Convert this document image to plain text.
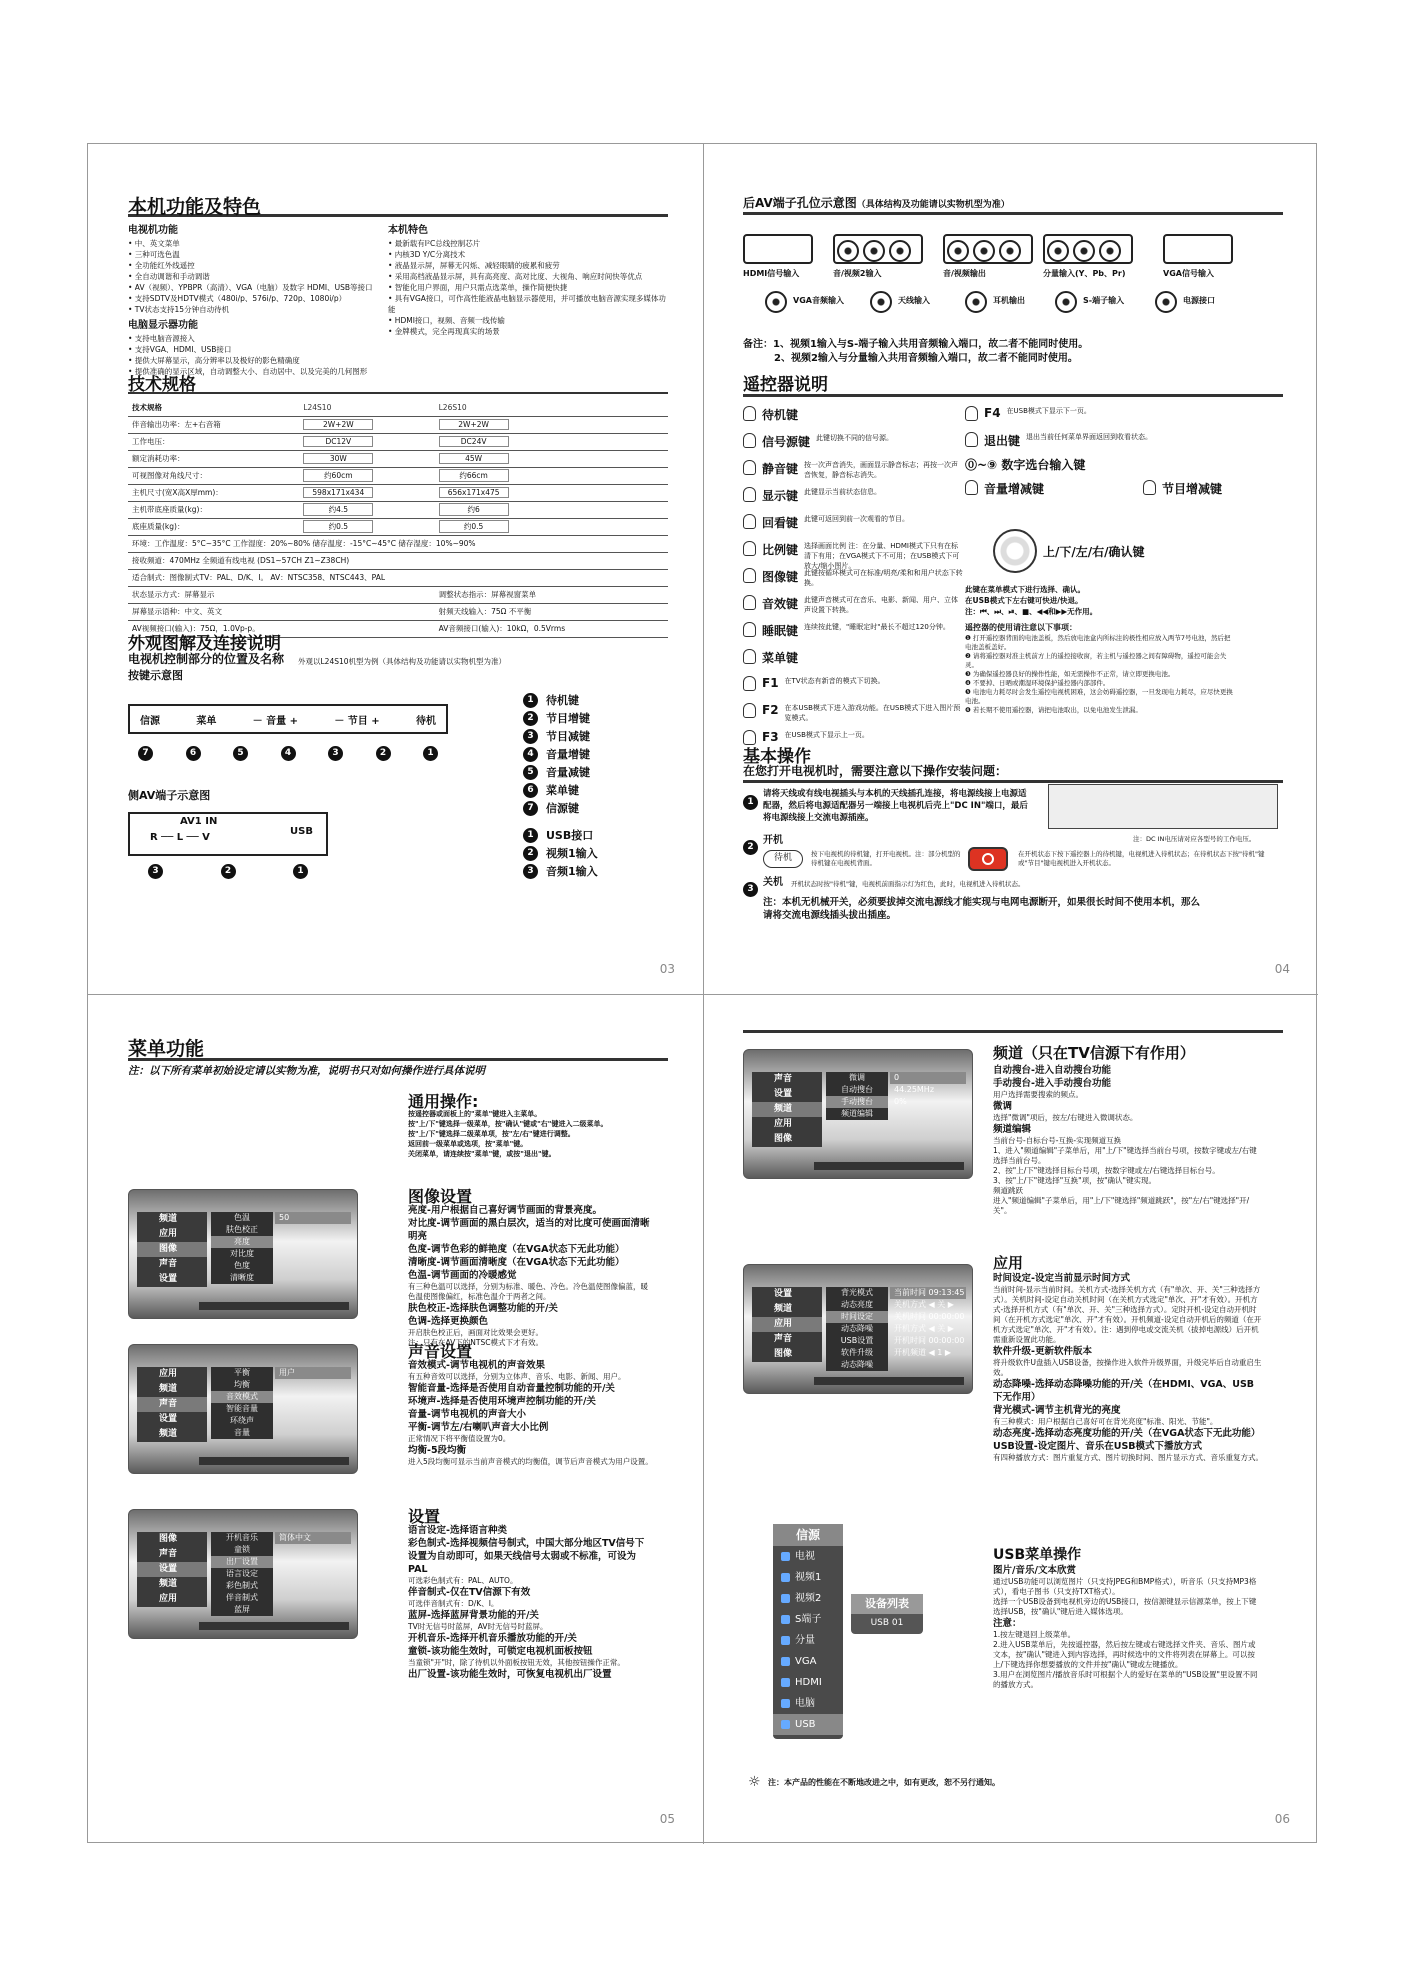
本机功能及特色
电视机功能
• 中、英文菜单
• 三种可选色温
• 全功能红外线遥控
• 全自动调谐和手动调谐
• AV（视频）、YPBPR（高清）、VGA（电脑）及数字 HDMI、USB等接口
• 支持SDTV及HDTV模式（480i/p、576i/p、720p、1080i/p）
• TV状态支持15分钟自动待机
电脑显示器功能
• 支持电脑音源接入
• 支持VGA、HDMI、USB接口
• 提供大屏幕显示，高分辨率以及极好的影色精确度
• 提供准确的显示区域，自动调整大小、自动居中、以及完美的几何图形
本机特色
• 最新载有I²C总线控制芯片
• 内核3D Y/C分离技术
• 液晶显示屏，屏幕无闪烁、减轻眼睛的疲累和疲劳
• 采用高档液晶显示屏，具有高亮度、高对比度、大视角、响应时间快等优点
• 智能化用户界面，用户只需点选菜单，操作简便快捷
• 具有VGA接口，可作高性能液晶电脑显示器使用，并可播放电脑音源实现多媒体功能
• HDMI接口，视频、音频一线传输
• 金牌模式，完全再现真实的场景
技术规格
技术规格	L24S10	L26S10	
伴音输出功率：左+右音箱	2W+2W	2W+2W	
工作电压：	DC12V	DC24V	
额定消耗功率：	30W	45W	
可视图像对角线尺寸：	约60cm	约66cm	
主机尺寸(宽X高X厚mm)：	598x171x434	656x171x475	
主机带底座质量(kg)：	约4.5	约6	
底座质量(kg)：	约0.5	约0.5	
环境：工作温度：5°C~35°C 工作湿度：20%~80% 储存温度：-15°C~45°C 储存湿度：10%~90%			
接收频道：470MHz 全频道有线电视 (DS1~57CH Z1~Z38CH)			
适合制式：图像制式TV：PAL、D/K、I。 AV：NTSC358、NTSC443、PAL			
状态显示方式：屏幕显示		调整状态指示：屏幕视窗菜单	
屏幕显示语种：中文、英文		射频天线输入：75Ω 不平衡	
AV视频接口(输入)：75Ω，1.0Vp-p。		AV音频接口(输入)：10kΩ，0.5Vrms	
外观图解及连接说明
电视机控制部分的位置及名称 外观以L24S10机型为例（具体结构及功能请以实物机型为准）
按键示意图
信源	菜单	－ 音量 +	－ 节目 +	待机
7	6	5	4	3	2	1
1	待机键
2	节目增键
3	节目减键
4	音量增键
5	音量减键
6	菜单键
7	信源键
侧AV端子示意图
AV1 IN
R ── L ── V
USB
3	2	1
1	USB接口
2	视频1输入
3	音频1输入
03
后AV端子孔位示意图（具体结构及功能请以实物机型为准）
HDMI信号输入	音/视频2输入	音/视频输出	分量输入(Y、Pb、Pr)	VGA信号输入
VGA音频输入	天线输入	耳机输出	S-端子输入	电源接口
备注：1、视频1输入与S-端子输入共用音频输入端口，故二者不能同时使用。
2、视频2输入与分量输入共用音频输入端口，故二者不能同时使用。
遥控器说明
待机键
信号源键 此键切换不同的信号源。
静音键 按一次声音消失，画面显示静音标志；再按一次声音恢复，静音标志消失。
显示键 此键显示当前状态信息。
回看键 此键可返回到前一次观看的节目。
比例键 选择画面比例 注：在分量、HDMI模式下只有在标清下有用；在VGA模式下不可用；在USB模式下可放大/缩小图片。
图像键 此键按循环模式可在标准/明亮/柔和和用户状态下转换。
音效键 此键声音模式可在音乐、电影、新闻、用户、立体声设置下转换。
睡眠键 连续按此键，"睡眠定时"最长不超过120分钟。
菜单键
F1 在TV状态有新音的模式下切换。
F2 在本USB模式下进入游戏功能。在USB模式下进入图片预览模式。
F3 在USB模式下显示上一页。
F4 在USB模式下显示下一页。
退出键 退出当前任何菜单界面返回到收看状态。
⓪~⑨ 数字选台输入键
音量增减键	节目增减键
上/下/左/右/确认键
此键在菜单模式下进行选择、确认。
在USB模式下左右键可快进/快退。
注：⏮、⏭、⏯、■、◀◀和▶▶无作用。
遥控器的使用请注意以下事项：
❶ 打开遥控器背面的电池盖板，然后放电池盒内所标注的极性相应放入两节7号电池，然后把电池盖板盖好。
❷ 请将遥控器对准主机前方上的遥控接收窗，若主机与遥控器之间有障碍物，遥控可能会失灵。
❸ 为确保遥控器良好的操作性能，如无需操作不正常，请立即更换电池。
❹ 不要掉、日晒或潮湿环境保护遥控器内部部件。
❺ 电池电力耗尽时会发生遥控电视机困难，这会妨碍遥控器，一旦发现电力耗尽，应尽快更换电池。
❻ 若长期不使用遥控器，请把电池取出，以免电池发生泄漏。
基本操作
在您打开电视机时，需要注意以下操作安装问题：
1
请将天线或有线电视插头与本机的天线插孔连接，将电源线接上电源适配器，然后将电源适配器另一端接上电视机后壳上"DC IN"端口，最后将电源线接上交流电源插座。
注：DC IN电压请对应各型号的工作电压。
2
开机
待机	按下电视机的待机键，打开电视机。注：部分机型的待机键在电视机背面。
在开机状态下按下遥控器上的待机键，电视机进入待机状态；在待机状态下按"待机"键或"节目"键电视机进入开机状态。
3
关机 开机状态时按"待机"键，电视机前面指示灯为红色，此时，电视机进入待机状态。
注：本机无机械开关，必须要拔掉交流电源线才能实现与电网电源断开，如果很长时间不使用本机，那么请将交流电源线插头拔出插座。
04
菜单功能
注：以下所有菜单初始设定请以实物为准，说明书只对如何操作进行具体说明
通用操作:
按遥控器或面板上的"菜单"键进入主菜单。
按"上/下"键选择一级菜单，按"确认"键或"右"键进入二级菜单。
按"上/下"键选择二级菜单项，按"左/右"键进行调整。
返回前一级菜单或选项，按"菜单"键。
关闭菜单，请连续按"菜单"键，或按"退出"键。
频道
应用
图像
声音
设置
色温
肤色校正
亮度
对比度
色度
清晰度
50
图像设置
亮度-用户根据自己喜好调节画面的背景亮度。
对比度-调节画面的黑白层次，适当的对比度可使画面清晰明亮
色度-调节色彩的鲜艳度（在VGA状态下无此功能）
清晰度-调节画面清晰度（在VGA状态下无此功能）
色温-调节画面的冷暖感觉
有三种色温可以选择，分别为标准、暖色、冷色。冷色温使图像偏蓝，暖色温使图像偏红，标准色温介于两者之间。
肤色校正-选择肤色调整功能的开/关
色调-选择更换颜色
开启肤色校正后，画面对比效果会更好。
注：只有在AV下的NTSC模式下才有效。
应用
频道
声音
设置
频道
平衡
均衡
音效模式
智能音量
环绕声
音量
用户
声音设置
音效模式-调节电视机的声音效果
有五种音效可以选择，分别为立体声、音乐、电影、新闻、用户。
智能音量-选择是否使用自动音量控制功能的开/关
环境声-选择是否使用环境声控制功能的开/关
音量-调节电视机的声音大小
平衡-调节左/右喇叭声音大小比例
正常情况下将平衡值设置为0。
均衡-5段均衡
进入5段均衡可显示当前声音模式的均衡值，调节后声音模式为用户设置。
图像
声音
设置
频道
应用
开机音乐
童锁
出厂设置
语言设定
彩色制式
伴音制式
蓝屏
简体中文
设置
语言设定-选择语言种类
彩色制式-选择视频信号制式，中国大部分地区TV信号下设置为自动即可，如果天线信号太弱或不标准，可设为PAL
可选彩色制式有：PAL、AUTO。
伴音制式-仅在TV信源下有效
可选伴音制式有：D/K、I。
蓝屏-选择蓝屏背景功能的开/关
TV时无信号时蓝屏，AV时无信号时蓝屏。
开机音乐-选择开机音乐播放功能的开/关
童锁-该功能生效时，可锁定电视机面板按钮
当童锁"开"时，除了待机以外面板按钮无效，其他按钮操作正常。
出厂设置-该功能生效时，可恢复电视机出厂设置
05
声音
设置
频道
应用
图像
微调
自动搜台
手动搜台
频道编辑
0
44.25MHz
0%
频道（只在TV信源下有作用）
自动搜台-进入自动搜台功能
手动搜台-进入手动搜台功能
用户选择需要搜索的频点。
微调
选择"微调"项后，按左/右键进入微调状态。
频道编辑
当前台号-自标台号-互换-实现频道互换
1、进入"频道编辑"子菜单后，用"上/下"键选择当前台号项，按数字键或左/右键选择当前台号。
2、按"上/下"键选择目标台号项，按数字键或左/右键选择目标台号。
3、按"上/下"键选择"互换"项，按"确认"键实现。
频道跳跃
进入"频道编辑"子菜单后，用"上/下"键选择"频道跳跃"，按"左/右"键选择"开/关"。
设置
频道
应用
声音
图像
背光模式
动态亮度
时间设定
动态降噪
USB设置
软件升级
动态降噪
当前时间 09:13:45
关机方式 ◀ 关 ▶
关机时间 00:00:00
开机方式 ◀ 关 ▶
开机时间 00:00:00
开机频道 ◀ 1 ▶
应用
时间设定-设定当前显示时间方式
当前时间-显示当前时间。关机方式-选择关机方式（有"单次、开、关"三种选择方式）。关机时间-设定自动关机时间（在关机方式选定"单次、开"才有效）。开机方式-选择开机方式（有"单次、开、关"三种选择方式）。定时开机-设定自动开机时间（在开机方式选定"单次、开"才有效）。开机频道-设定自动开机后的频道（在开机方式选定"单次、开"才有效）。注：遇到停电或交流关机（拔掉电源线）后开机需重新设置此功能。
软件升级-更新软件版本
将升级软件U盘插入USB设备，按操作进入软件升级界面，升级完毕后自动重启生效。
动态降噪-选择动态降噪功能的开/关（在HDMI、VGA、USB下无作用）
背光模式-调节主机背光的亮度
有三种模式：用户根据自己喜好可在背光亮度"标准、阳光、节能"。
动态亮度-选择动态亮度功能的开/关（在VGA状态下无此功能）
USB设置-设定图片、音乐在USB模式下播放方式
有四种播放方式：图片重复方式、图片切换时间、图片显示方式、音乐重复方式。
信源
电视
视频1
视频2
S端子
分量
VGA
HDMI
电脑
USB
设备列表
USB 01
USB菜单操作
图片/音乐/文本欣赏
通过USB功能可以浏览图片（只支持JPEG和BMP格式），听音乐（只支持MP3格式），看电子图书（只支持TXT格式）。
选择一个USB设备到电视机旁边的USB接口，按信源键显示信源菜单，按上下键选择USB，按"确认"键后进入媒体选项。
注意：
1.按左键退回上级菜单。
2.进入USB菜单后，先按遥控器，然后按左键或右键选择文件夹、音乐、图片或文本，按"确认"键进入到内容选择，再时候选中的文件将列表在屏幕上。可以按上/下键选择你想要播放的文件并按"确认"键或左键播放。
3.用户在浏览图片/播放音乐时可根据个人的爱好在菜单的"USB设置"里设置不同的播放方式。
☼ 注：本产品的性能在不断地改进之中，如有更改，恕不另行通知。
06
